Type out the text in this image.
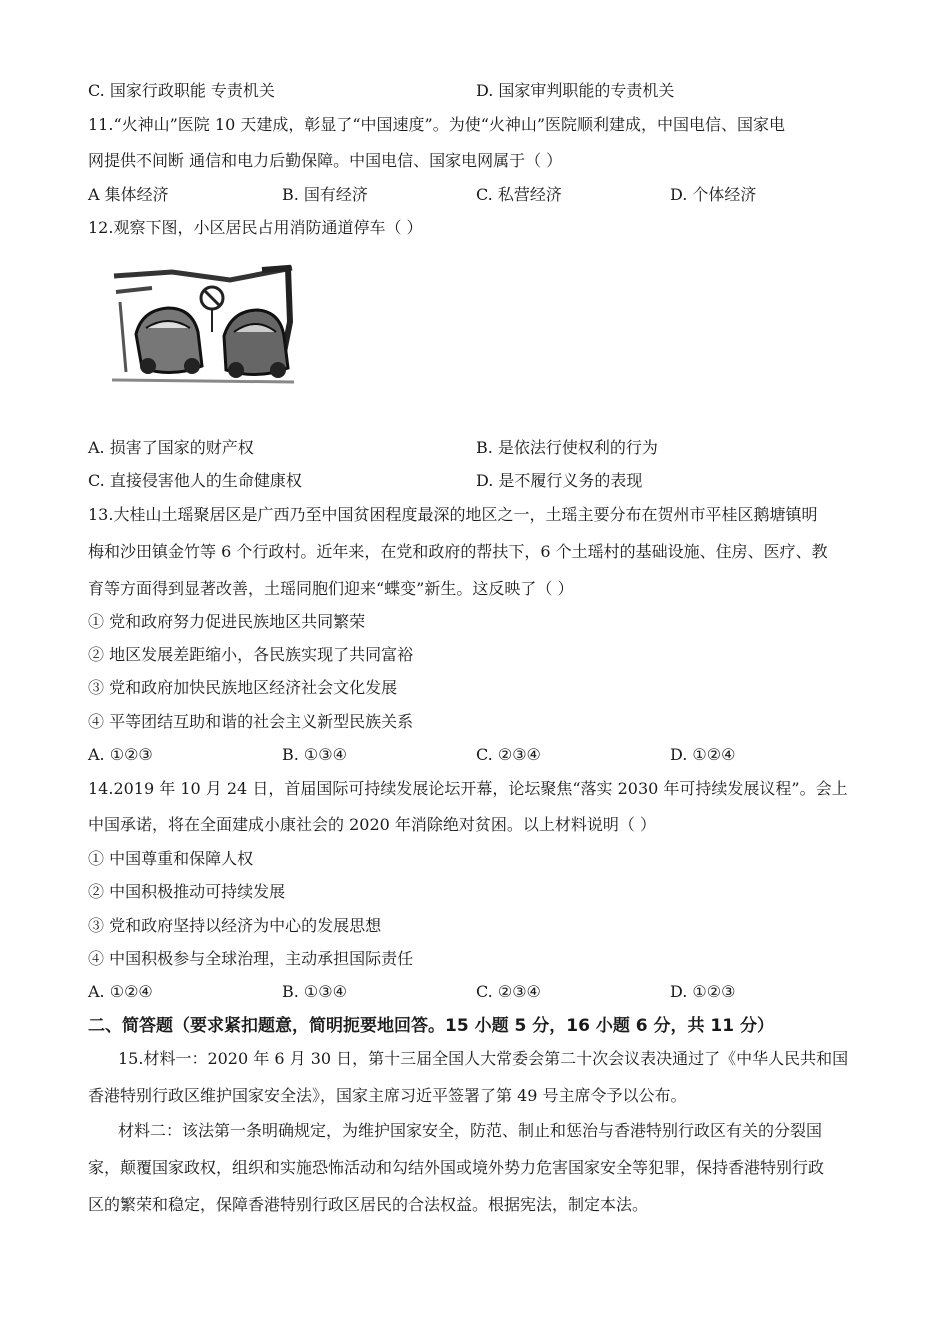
C. 国家行政职能 专责机关	D. 国家审判职能的专责机关
11.“火神山”医院 10 天建成，彰显了“中国速度”。为使“火神山”医院顺利建成，中国电信、国家电
网提供不间断 通信和电力后勤保障。中国电信、国家电网属于（ ）
A 集体经济	B. 国有经济	C. 私营经济	D. 个体经济
12.观察下图，小区居民占用消防通道停车（ ）
A. 损害了国家的财产权	B. 是依法行使权利的行为
C. 直接侵害他人的生命健康权	D. 是不履行义务的表现
13.大桂山土瑶聚居区是广西乃至中国贫困程度最深的地区之一，土瑶主要分布在贺州市平桂区鹅塘镇明
梅和沙田镇金竹等 6 个行政村。近年来，在党和政府的帮扶下，6 个土瑶村的基础设施、住房、医疗、教
育等方面得到显著改善，土瑶同胞们迎来“蝶变”新生。这反映了（ ）
① 党和政府努力促进民族地区共同繁荣
② 地区发展差距缩小，各民族实现了共同富裕
③ 党和政府加快民族地区经济社会文化发展
④ 平等团结互助和谐的社会主义新型民族关系
A. ①②③	B. ①③④	C. ②③④	D. ①②④
14.2019 年 10 月 24 日，首届国际可持续发展论坛开幕，论坛聚焦“落实 2030 年可持续发展议程”。会上
中国承诺，将在全面建成小康社会的 2020 年消除绝对贫困。以上材料说明（ ）
① 中国尊重和保障人权
② 中国积极推动可持续发展
③ 党和政府坚持以经济为中心的发展思想
④ 中国积极参与全球治理，主动承担国际责任
A. ①②④	B. ①③④	C. ②③④	D. ①②③
二、简答题（要求紧扣题意，简明扼要地回答。15 小题 5 分，16 小题 6 分，共 11 分）
15.材料一：2020 年 6 月 30 日，第十三届全国人大常委会第二十次会议表决通过了《中华人民共和国
香港特别行政区维护国家安全法》，国家主席习近平签署了第 49 号主席令予以公布。
材料二：该法第一条明确规定，为维护国家安全，防范、制止和惩治与香港特别行政区有关的分裂国
家，颠覆国家政权，组织和实施恐怖活动和勾结外国或境外势力危害国家安全等犯罪，保持香港特别行政
区的繁荣和稳定，保障香港特别行政区居民的合法权益。根据宪法，制定本法。
